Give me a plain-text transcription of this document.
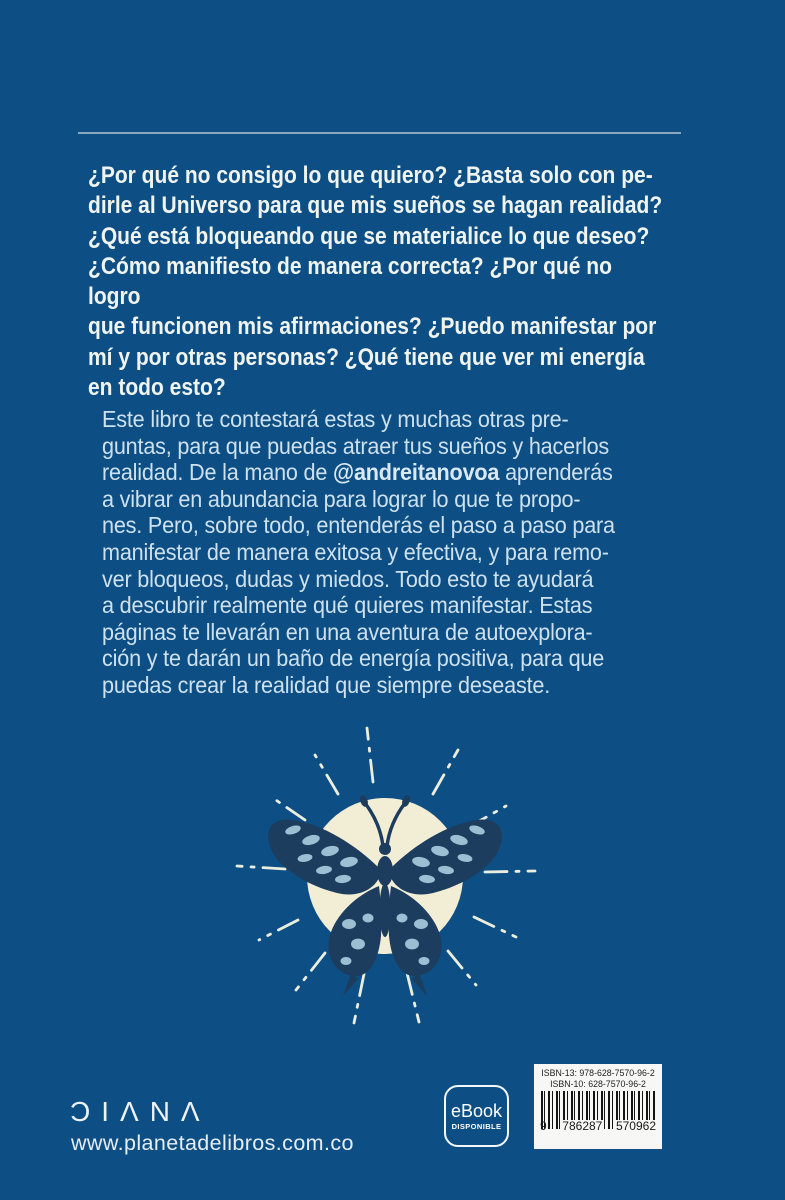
¿Por qué no consigo lo que quiero? ¿Basta solo con pe-
dirle al Universo para que mis sueños se hagan realidad?
¿Qué está bloqueando que se materialice lo que deseo?
¿Cómo manifiesto de manera correcta? ¿Por qué no logro
que funcionen mis afirmaciones? ¿Puedo manifestar por
mí y por otras personas? ¿Qué tiene que ver mi energía
en todo esto?
Este libro te contestará estas y muchas otras pre-
guntas, para que puedas atraer tus sueños y hacerlos
realidad. De la mano de @andreitanovoa aprenderás
a vibrar en abundancia para lograr lo que te propo-
nes. Pero, sobre todo, entenderás el paso a paso para
manifestar de manera exitosa y efectiva, y para remo-
ver bloqueos, dudas y miedos. Todo esto te ayudará
a descubrir realmente qué quieres manifestar. Estas
páginas te llevarán en una aventura de autoexplora-
ción y te darán un baño de energía positiva, para que
puedas crear la realidad que siempre deseaste.
ƆIΛNΛ
www.planetadelibros.com.co
eBook
DISPONIBLE
ISBN-13: 978-628-7570-96-2
ISBN-10: 628-7570-96-2
9	786287 570962
